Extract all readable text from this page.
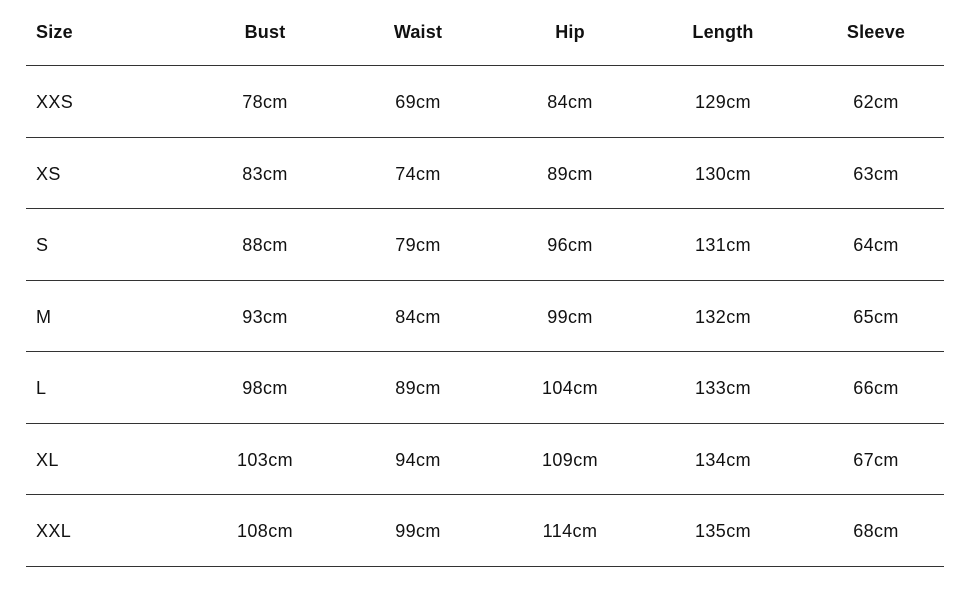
Size	Bust	Waist	Hip	Length	Sleeve
XXS	78cm	69cm	84cm	129cm	62cm
XS	83cm	74cm	89cm	130cm	63cm
S	88cm	79cm	96cm	131cm	64cm
M	93cm	84cm	99cm	132cm	65cm
L	98cm	89cm	104cm	133cm	66cm
XL	103cm	94cm	109cm	134cm	67cm
XXL	108cm	99cm	114cm	135cm	68cm
